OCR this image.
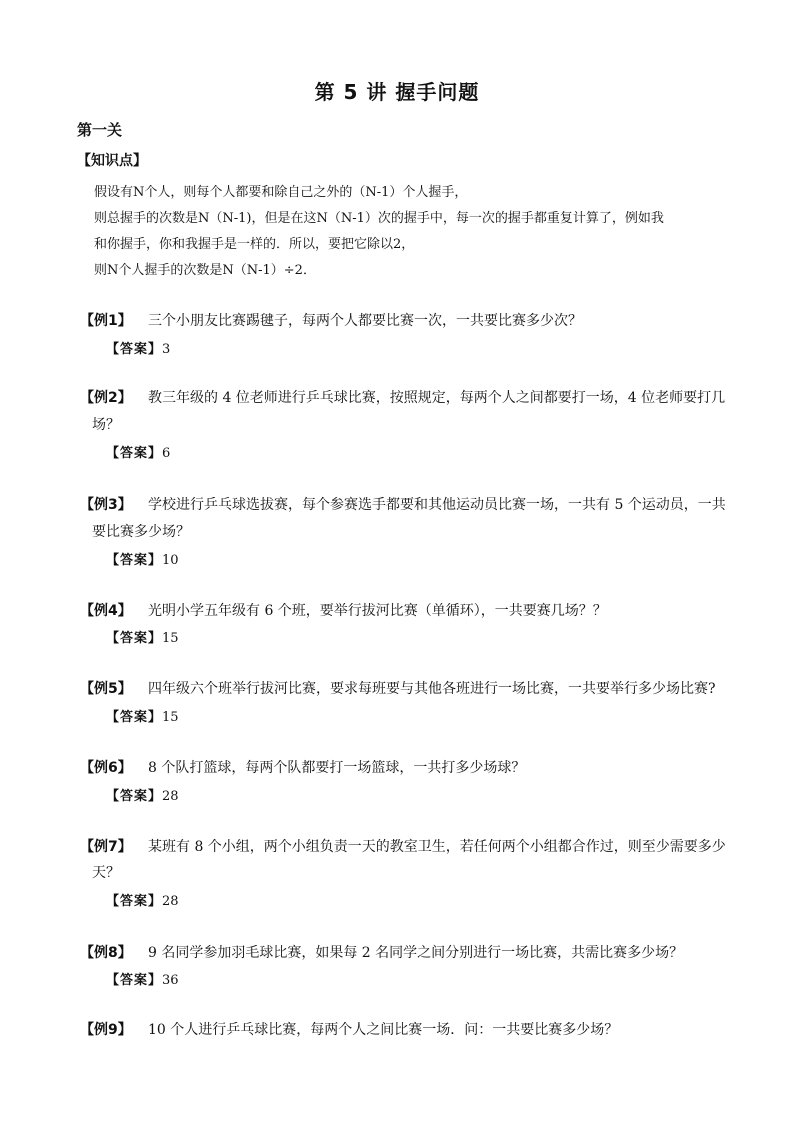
第 5 讲 握手问题
第一关
【知识点】
假设有N个人，则每个人都要和除自己之外的（N-1）个人握手，
则总握手的次数是N（N-1)，但是在这N（N-1）次的握手中，每一次的握手都重复计算了，例如我
和你握手，你和我握手是一样的．所以，要把它除以2，
则N个人握手的次数是N（N-1）÷2．
【例1】 三个小朋友比赛踢毽子，每两个人都要比赛一次，一共要比赛多少次？
【答案】3
【例2】 教三年级的 4 位老师进行乒乓球比赛，按照规定，每两个人之间都要打一场，4 位老师要打几
场？
【答案】6
【例3】 学校进行乒乓球选拔赛，每个参赛选手都要和其他运动员比赛一场，一共有 5 个运动员，一共
要比赛多少场？
【答案】10
【例4】 光明小学五年级有 6 个班，要举行拔河比赛（单循环），一共要赛几场？？
【答案】15
【例5】 四年级六个班举行拔河比赛，要求每班要与其他各班进行一场比赛，一共要举行多少场比赛?
【答案】15
【例6】 8 个队打篮球，每两个队都要打一场篮球，一共打多少场球？
【答案】28
【例7】 某班有 8 个小组，两个小组负责一天的教室卫生，若任何两个小组都合作过，则至少需要多少
天？
【答案】28
【例8】 9 名同学参加羽毛球比赛，如果每 2 名同学之间分别进行一场比赛，共需比赛多少场？
【答案】36
【例9】 10 个人进行乒乓球比赛，每两个人之间比赛一场．问：一共要比赛多少场？
